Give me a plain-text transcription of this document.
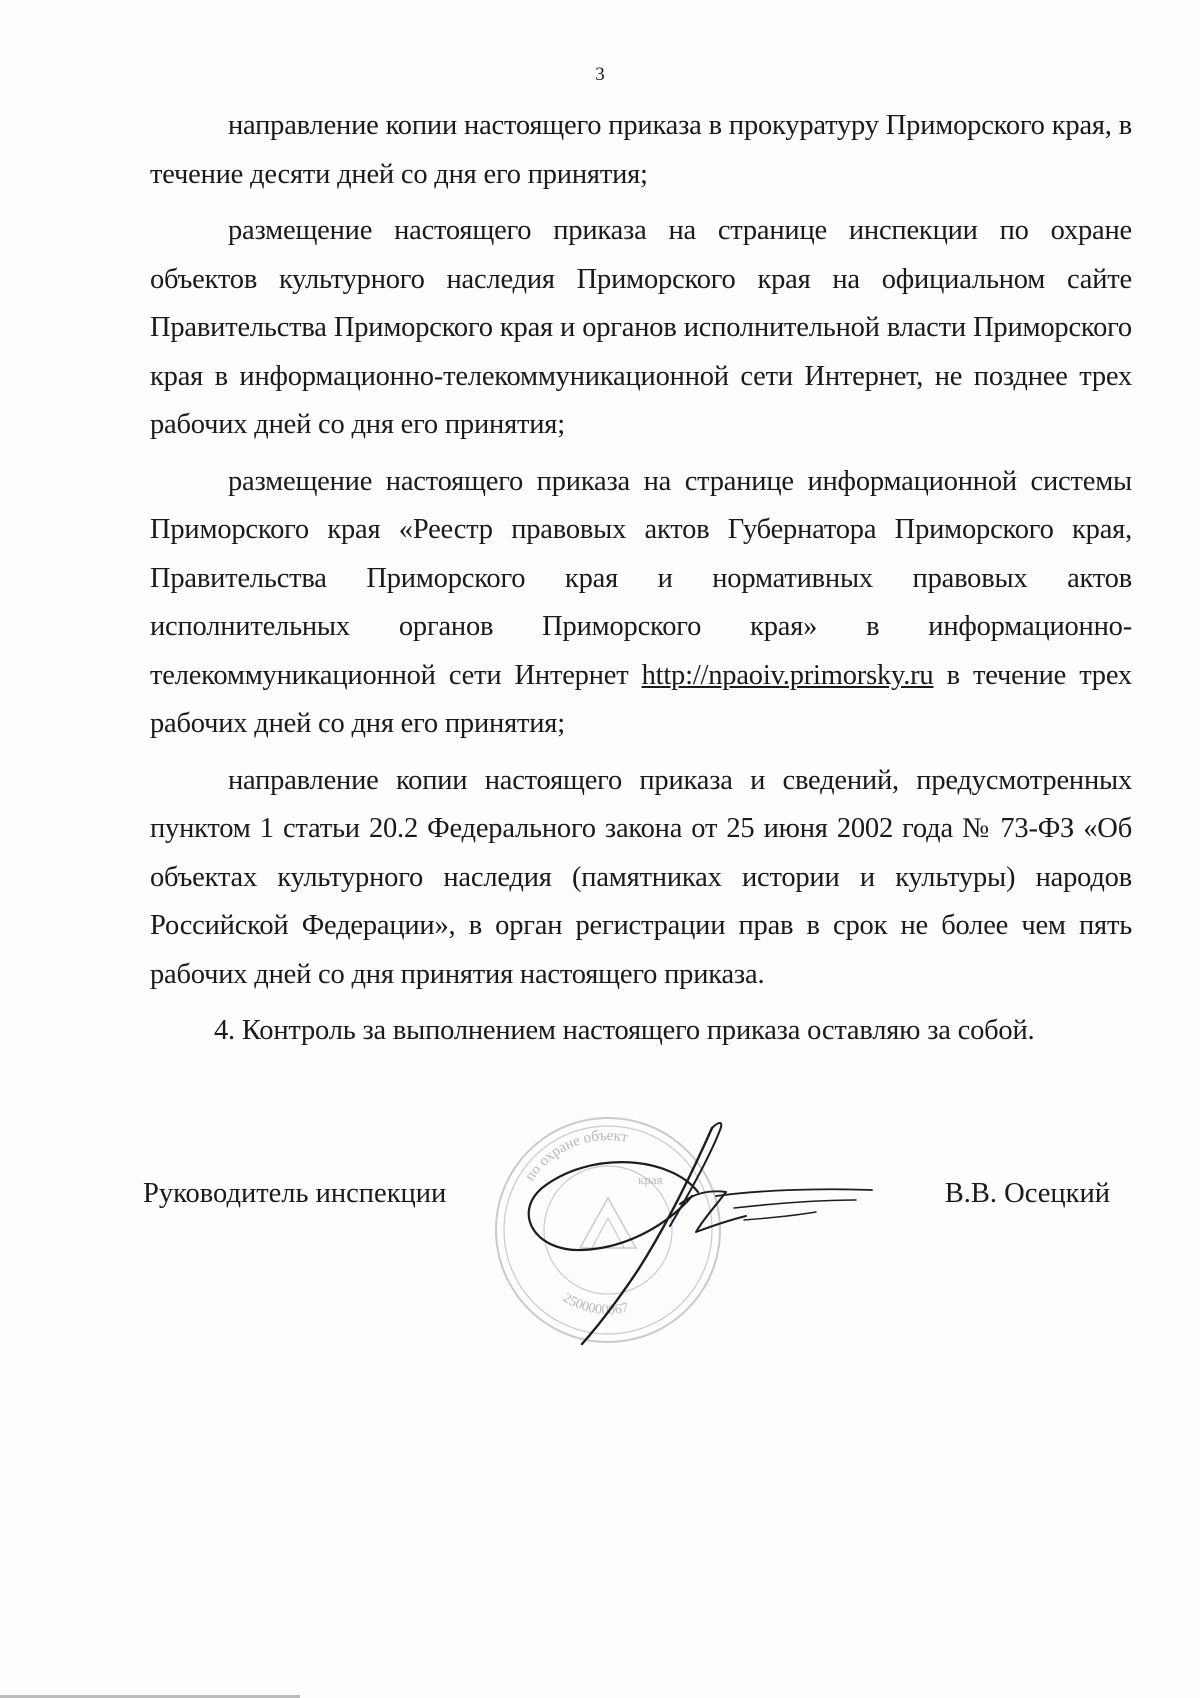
3

направление копии настоящего приказа в прокуратуру Приморского края, в течение десяти дней со дня его принятия;

размещение настоящего приказа на странице инспекции по охране объектов культурного наследия Приморского края на официальном сайте Правительства Приморского края и органов исполнительной власти Приморского края в информационно-телекоммуникационной сети Интернет, не позднее трех рабочих дней со дня его принятия;

размещение настоящего приказа на странице информационной системы Приморского края «Реестр правовых актов Губернатора Приморского края, Правительства Приморского края и нормативных правовых актов исполнительных органов Приморского края» в информационно-телекоммуникационной сети Интернет http://npaoiv.primorsky.ru в течение трех рабочих дней со дня его принятия;

направление копии настоящего приказа и сведений, предусмотренных пунктом 1 статьи 20.2 Федерального закона от 25 июня 2002 года № 73-ФЗ «Об объектах культурного наследия (памятниках истории и культуры) народов Российской Федерации», в орган регистрации прав в срок не более чем пять рабочих дней со дня принятия настоящего приказа.

4. Контроль за выполнением настоящего приказа оставляю за собой.

Руководитель инспекции
по охране объект
края
2500000067
В.В. Осецкий
